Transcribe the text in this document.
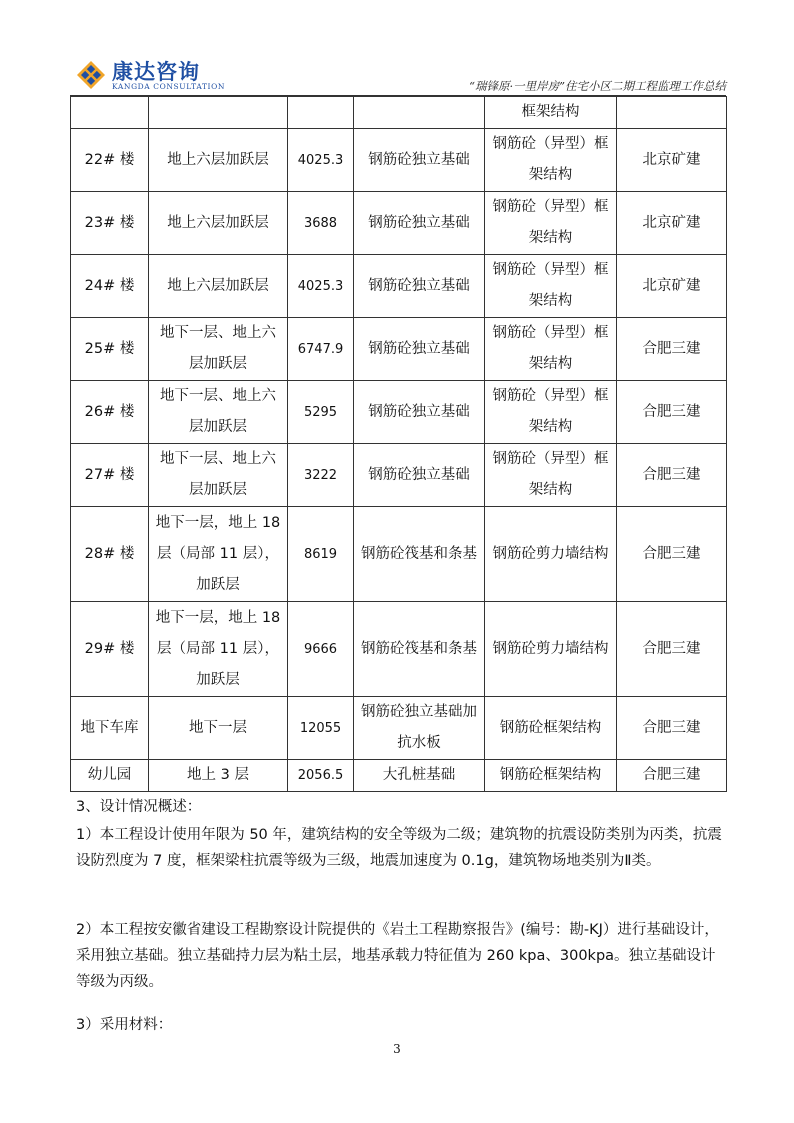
康达咨询
KANGDA CONSULTATION	“瑞锋原·一里岸房”住宅小区二期工程监理工作总结
				框架结构	
22# 楼	地上六层加跃层	4025.3	钢筋砼独立基础	钢筋砼（异型）框架结构	北京矿建
23# 楼	地上六层加跃层	3688	钢筋砼独立基础	钢筋砼（异型）框架结构	北京矿建
24# 楼	地上六层加跃层	4025.3	钢筋砼独立基础	钢筋砼（异型）框架结构	北京矿建
25# 楼	地下一层、地上六层加跃层	6747.9	钢筋砼独立基础	钢筋砼（异型）框架结构	合肥三建
26# 楼	地下一层、地上六层加跃层	5295	钢筋砼独立基础	钢筋砼（异型）框架结构	合肥三建
27# 楼	地下一层、地上六层加跃层	3222	钢筋砼独立基础	钢筋砼（异型）框架结构	合肥三建
28# 楼	地下一层，地上 18 层（局部 11 层），加跃层	8619	钢筋砼筏基和条基	钢筋砼剪力墙结构	合肥三建
29# 楼	地下一层，地上 18 层（局部 11 层），加跃层	9666	钢筋砼筏基和条基	钢筋砼剪力墙结构	合肥三建
地下车库	地下一层	12055	钢筋砼独立基础加抗水板	钢筋砼框架结构	合肥三建
幼儿园	地上 3 层	2056.5	大孔桩基础	钢筋砼框架结构	合肥三建
3、设计情况概述：
1）本工程设计使用年限为 50 年，建筑结构的安全等级为二级；建筑物的抗震设防类别为丙类，抗震设防烈度为 7 度，框架梁柱抗震等级为三级，地震加速度为 0.1g，建筑物场地类别为Ⅱ类。
2）本工程按安徽省建设工程勘察设计院提供的《岩土工程勘察报告》(编号：勘-KJ）进行基础设计，采用独立基础。独立基础持力层为粘土层，地基承载力特征值为 260 kpa、300kpa。独立基础设计等级为丙级。
3）采用材料：
3
